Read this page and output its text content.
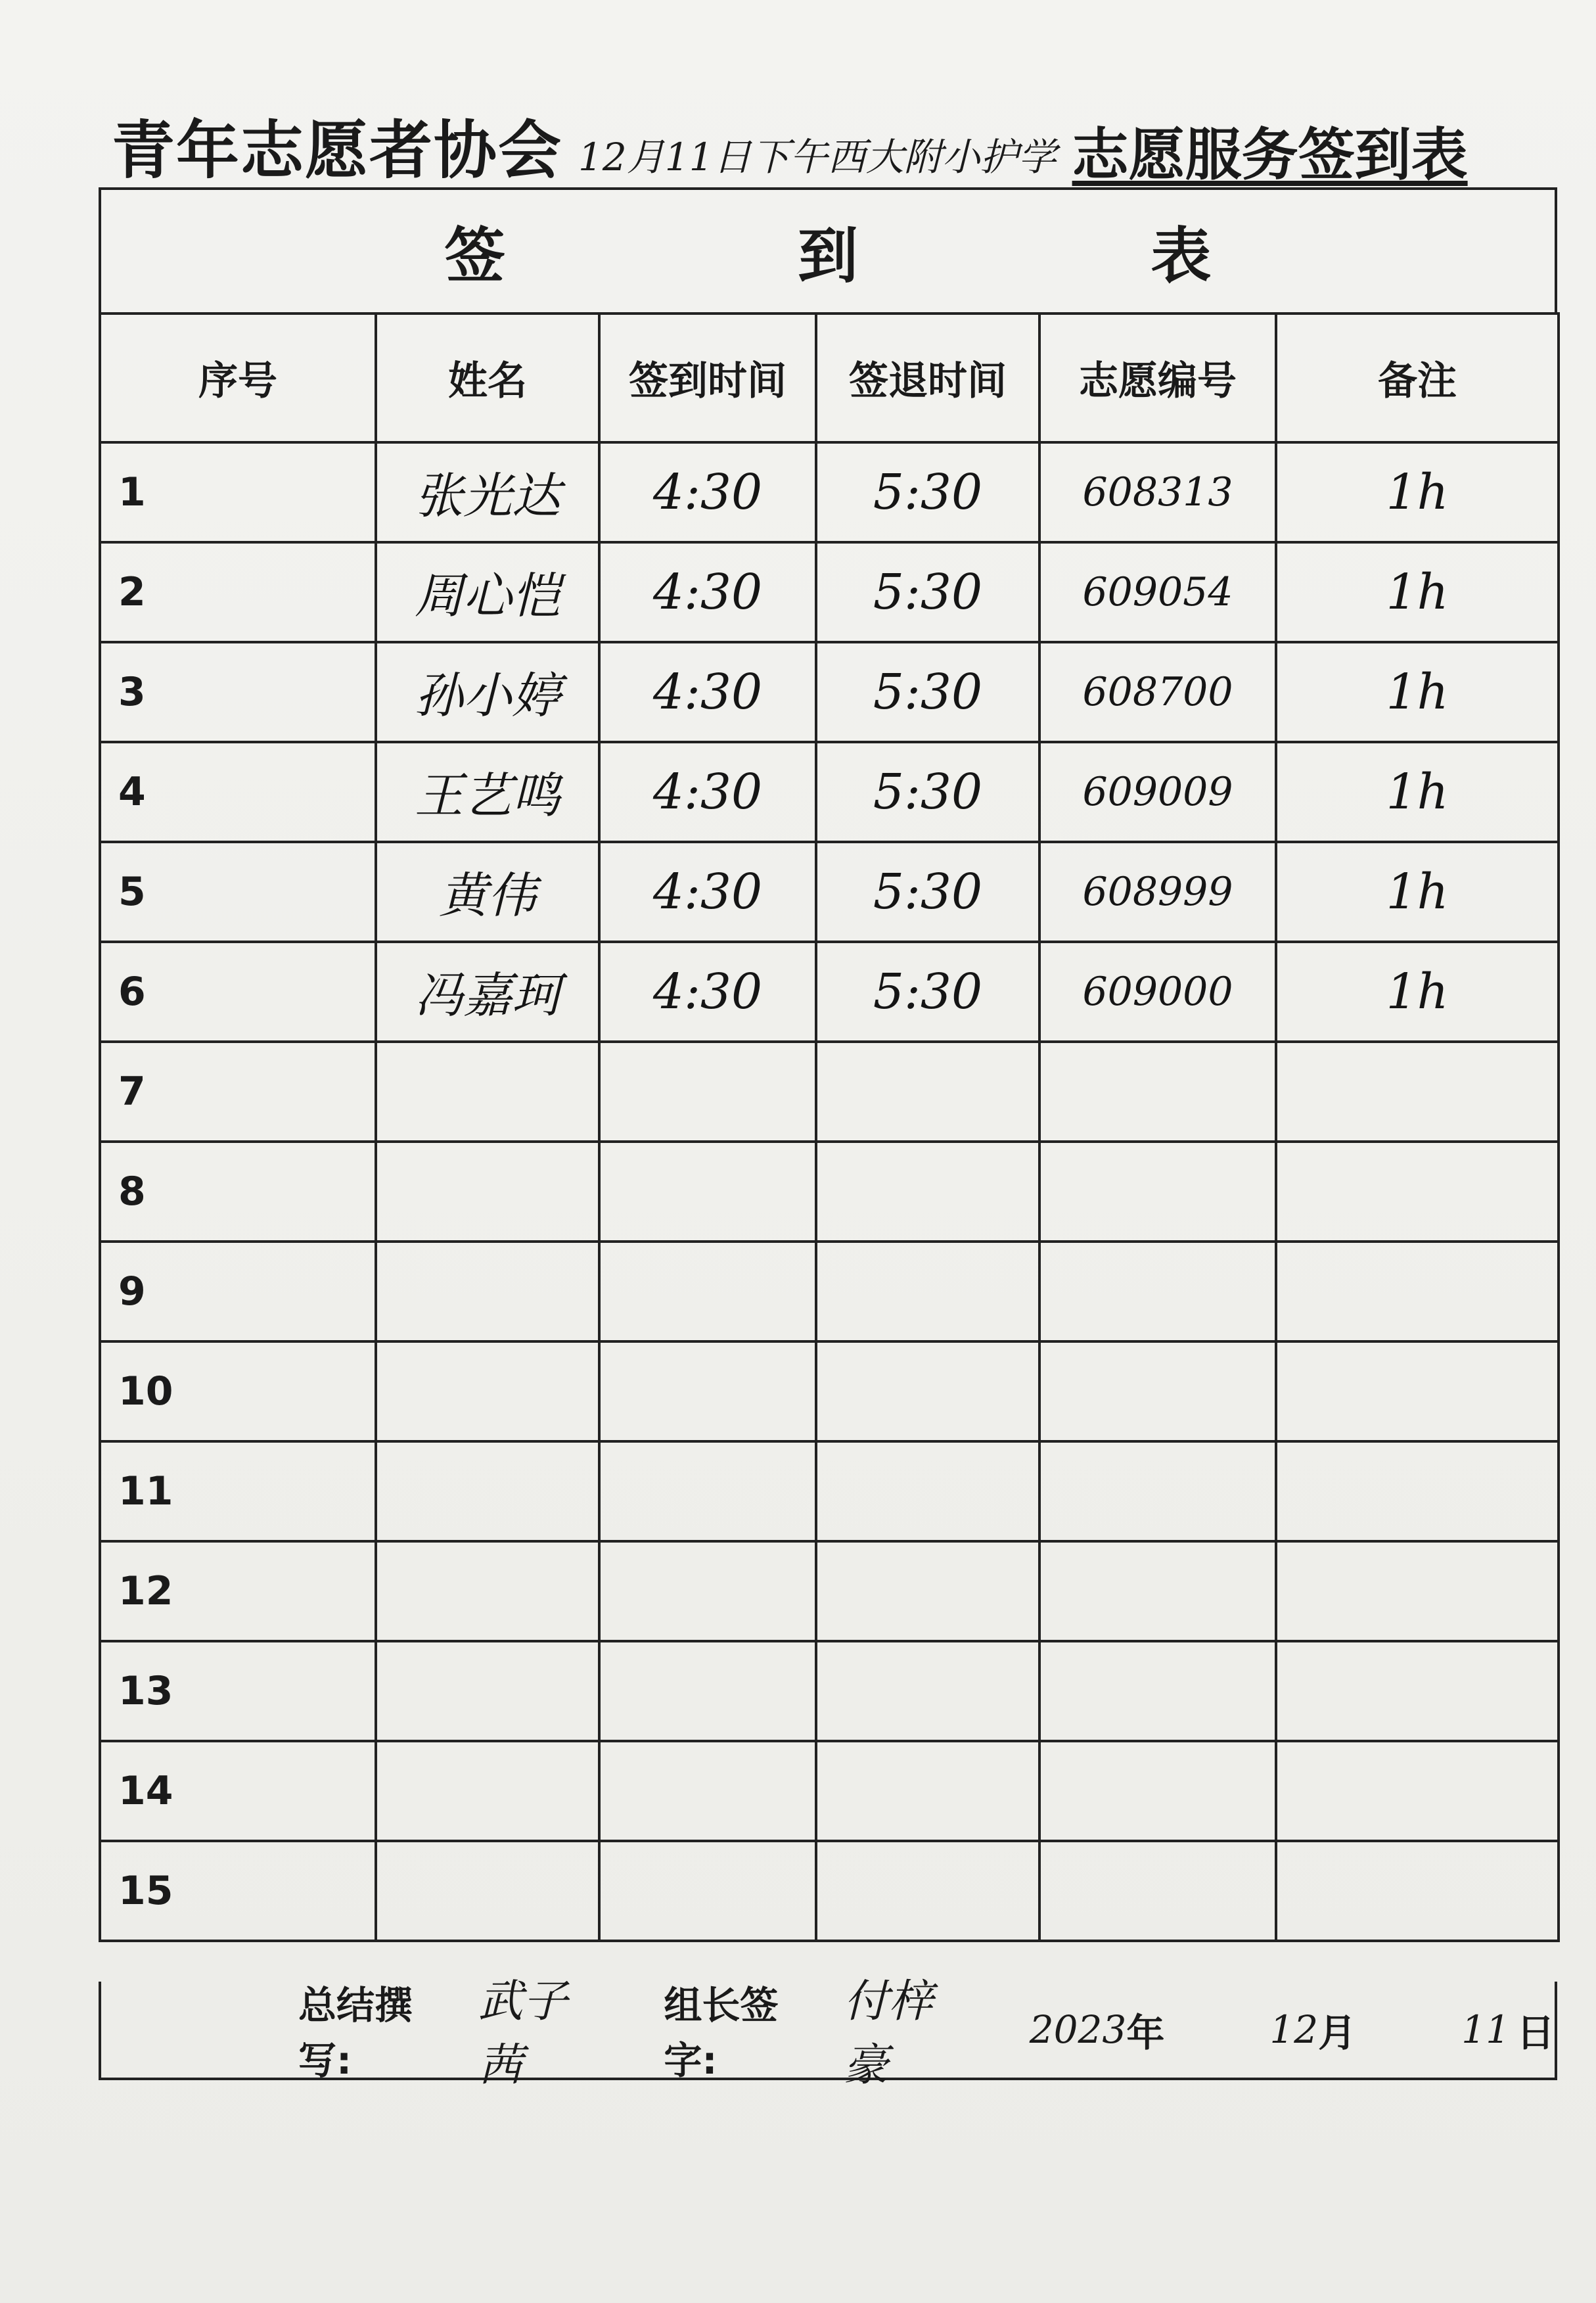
青年志愿者协会 12月11日下午西大附小护学 志愿服务签到表
签	到	表
序号	姓名	签到时间	签退时间	志愿编号	备注
1	张光达	4:30	5:30	608313	1h
2	周心恺	4:30	5:30	609054	1h
3	孙小婷	4:30	5:30	608700	1h
4	王艺鸣	4:30	5:30	609009	1h
5	黄伟	4:30	5:30	608999	1h
6	冯嘉珂	4:30	5:30	609000	1h
7					
8					
9					
10					
11					
12					
13					
14					
15					
总结撰写:
武子茜
组长签字:
付梓豪
2023 年	12 月	11 日
